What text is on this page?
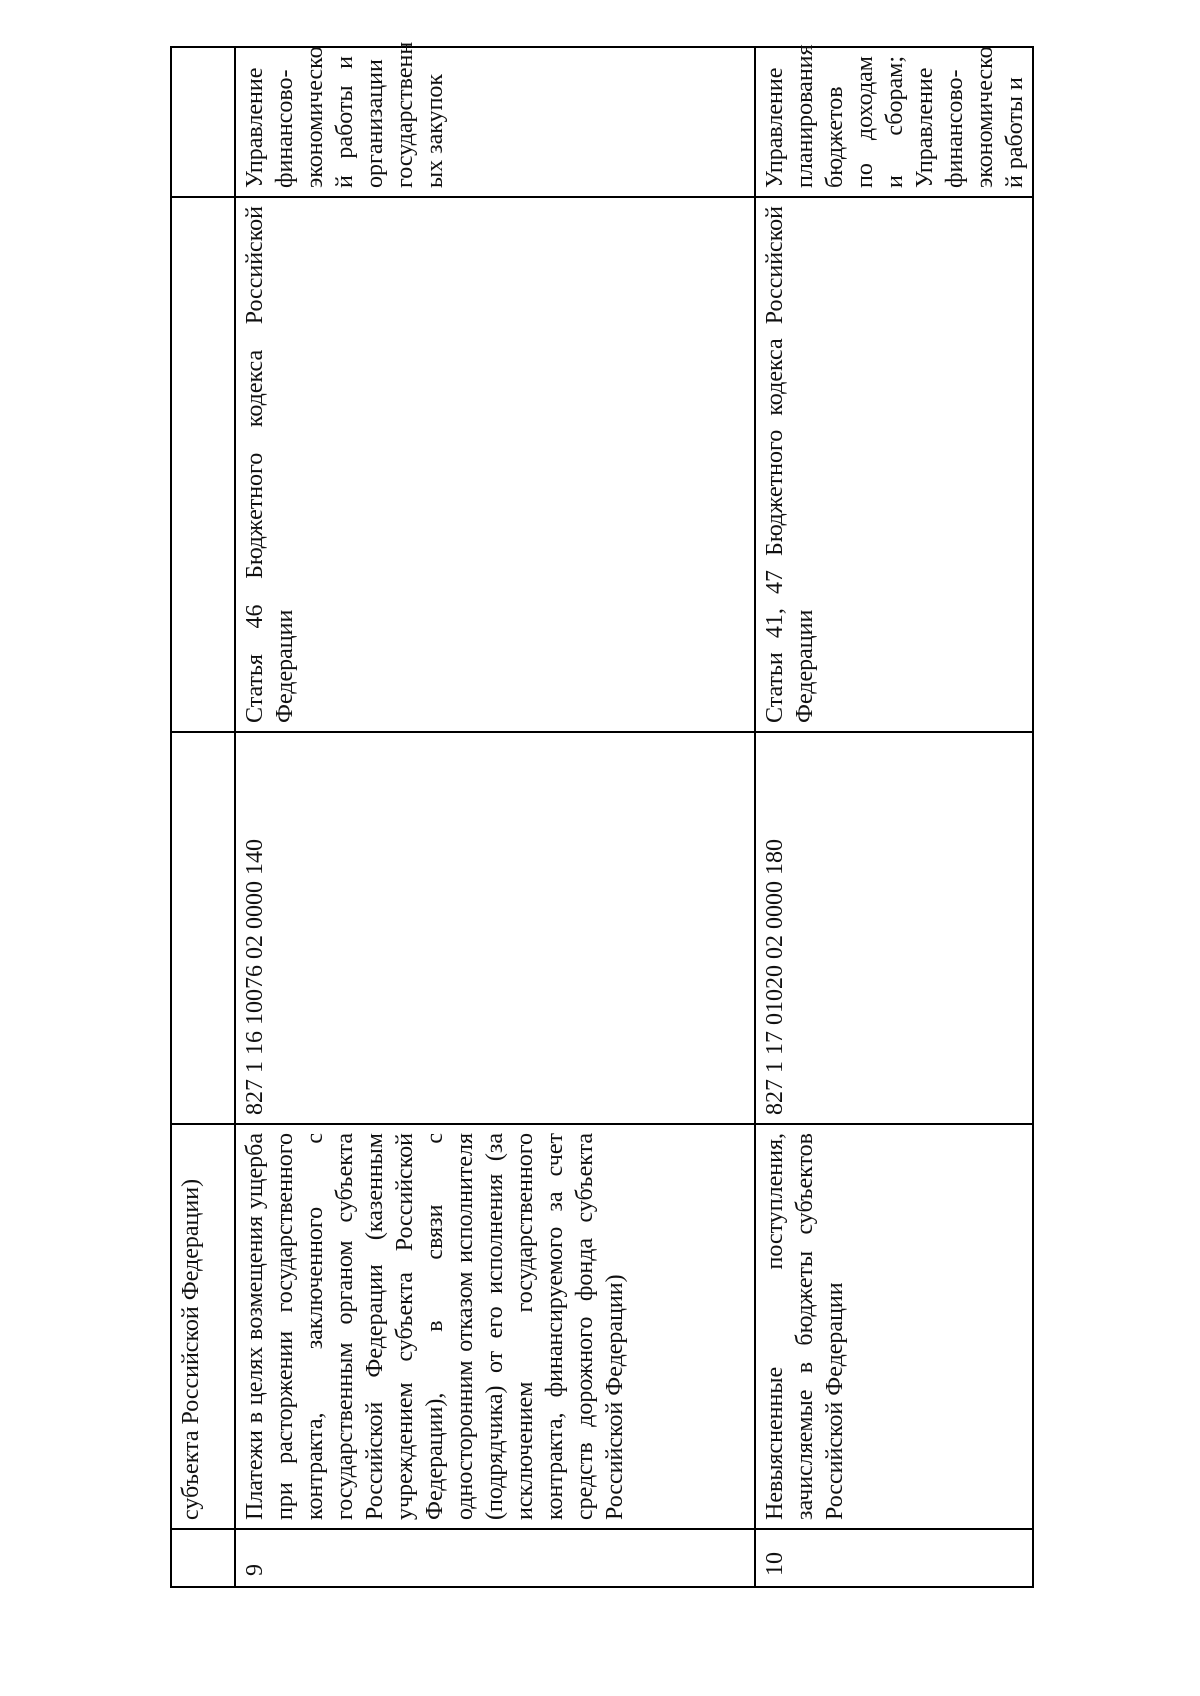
	субъекта Российской Федерации)			
9	Платежи в целях возмещения ущерба при расторжении государственного контракта, заключенного с государственным органом субъекта Российской Федерации (казенным учреждением субъекта Российской Федерации), в связи с односторонним отказом исполнителя (подрядчика) от его исполнения (за исключением государственного контракта, финансируемого за счет средств дорожного фонда субъекта Российской Федерации)	827 1 16 10076 02 0000 140	Статья 46 Бюджетного кодекса Российской Федерации	Управление финансово-экономическо й работы и организации государственн ых закупок
10	Невыясненные поступления, зачисляемые в бюджеты субъектов Российской Федерации	827 1 17 01020 02 0000 180	Статьи 41, 47 Бюджетного кодекса Российской Федерации	Управление планирования бюджетов по доходам и сборам; Управление финансово-экономическо й работы и
